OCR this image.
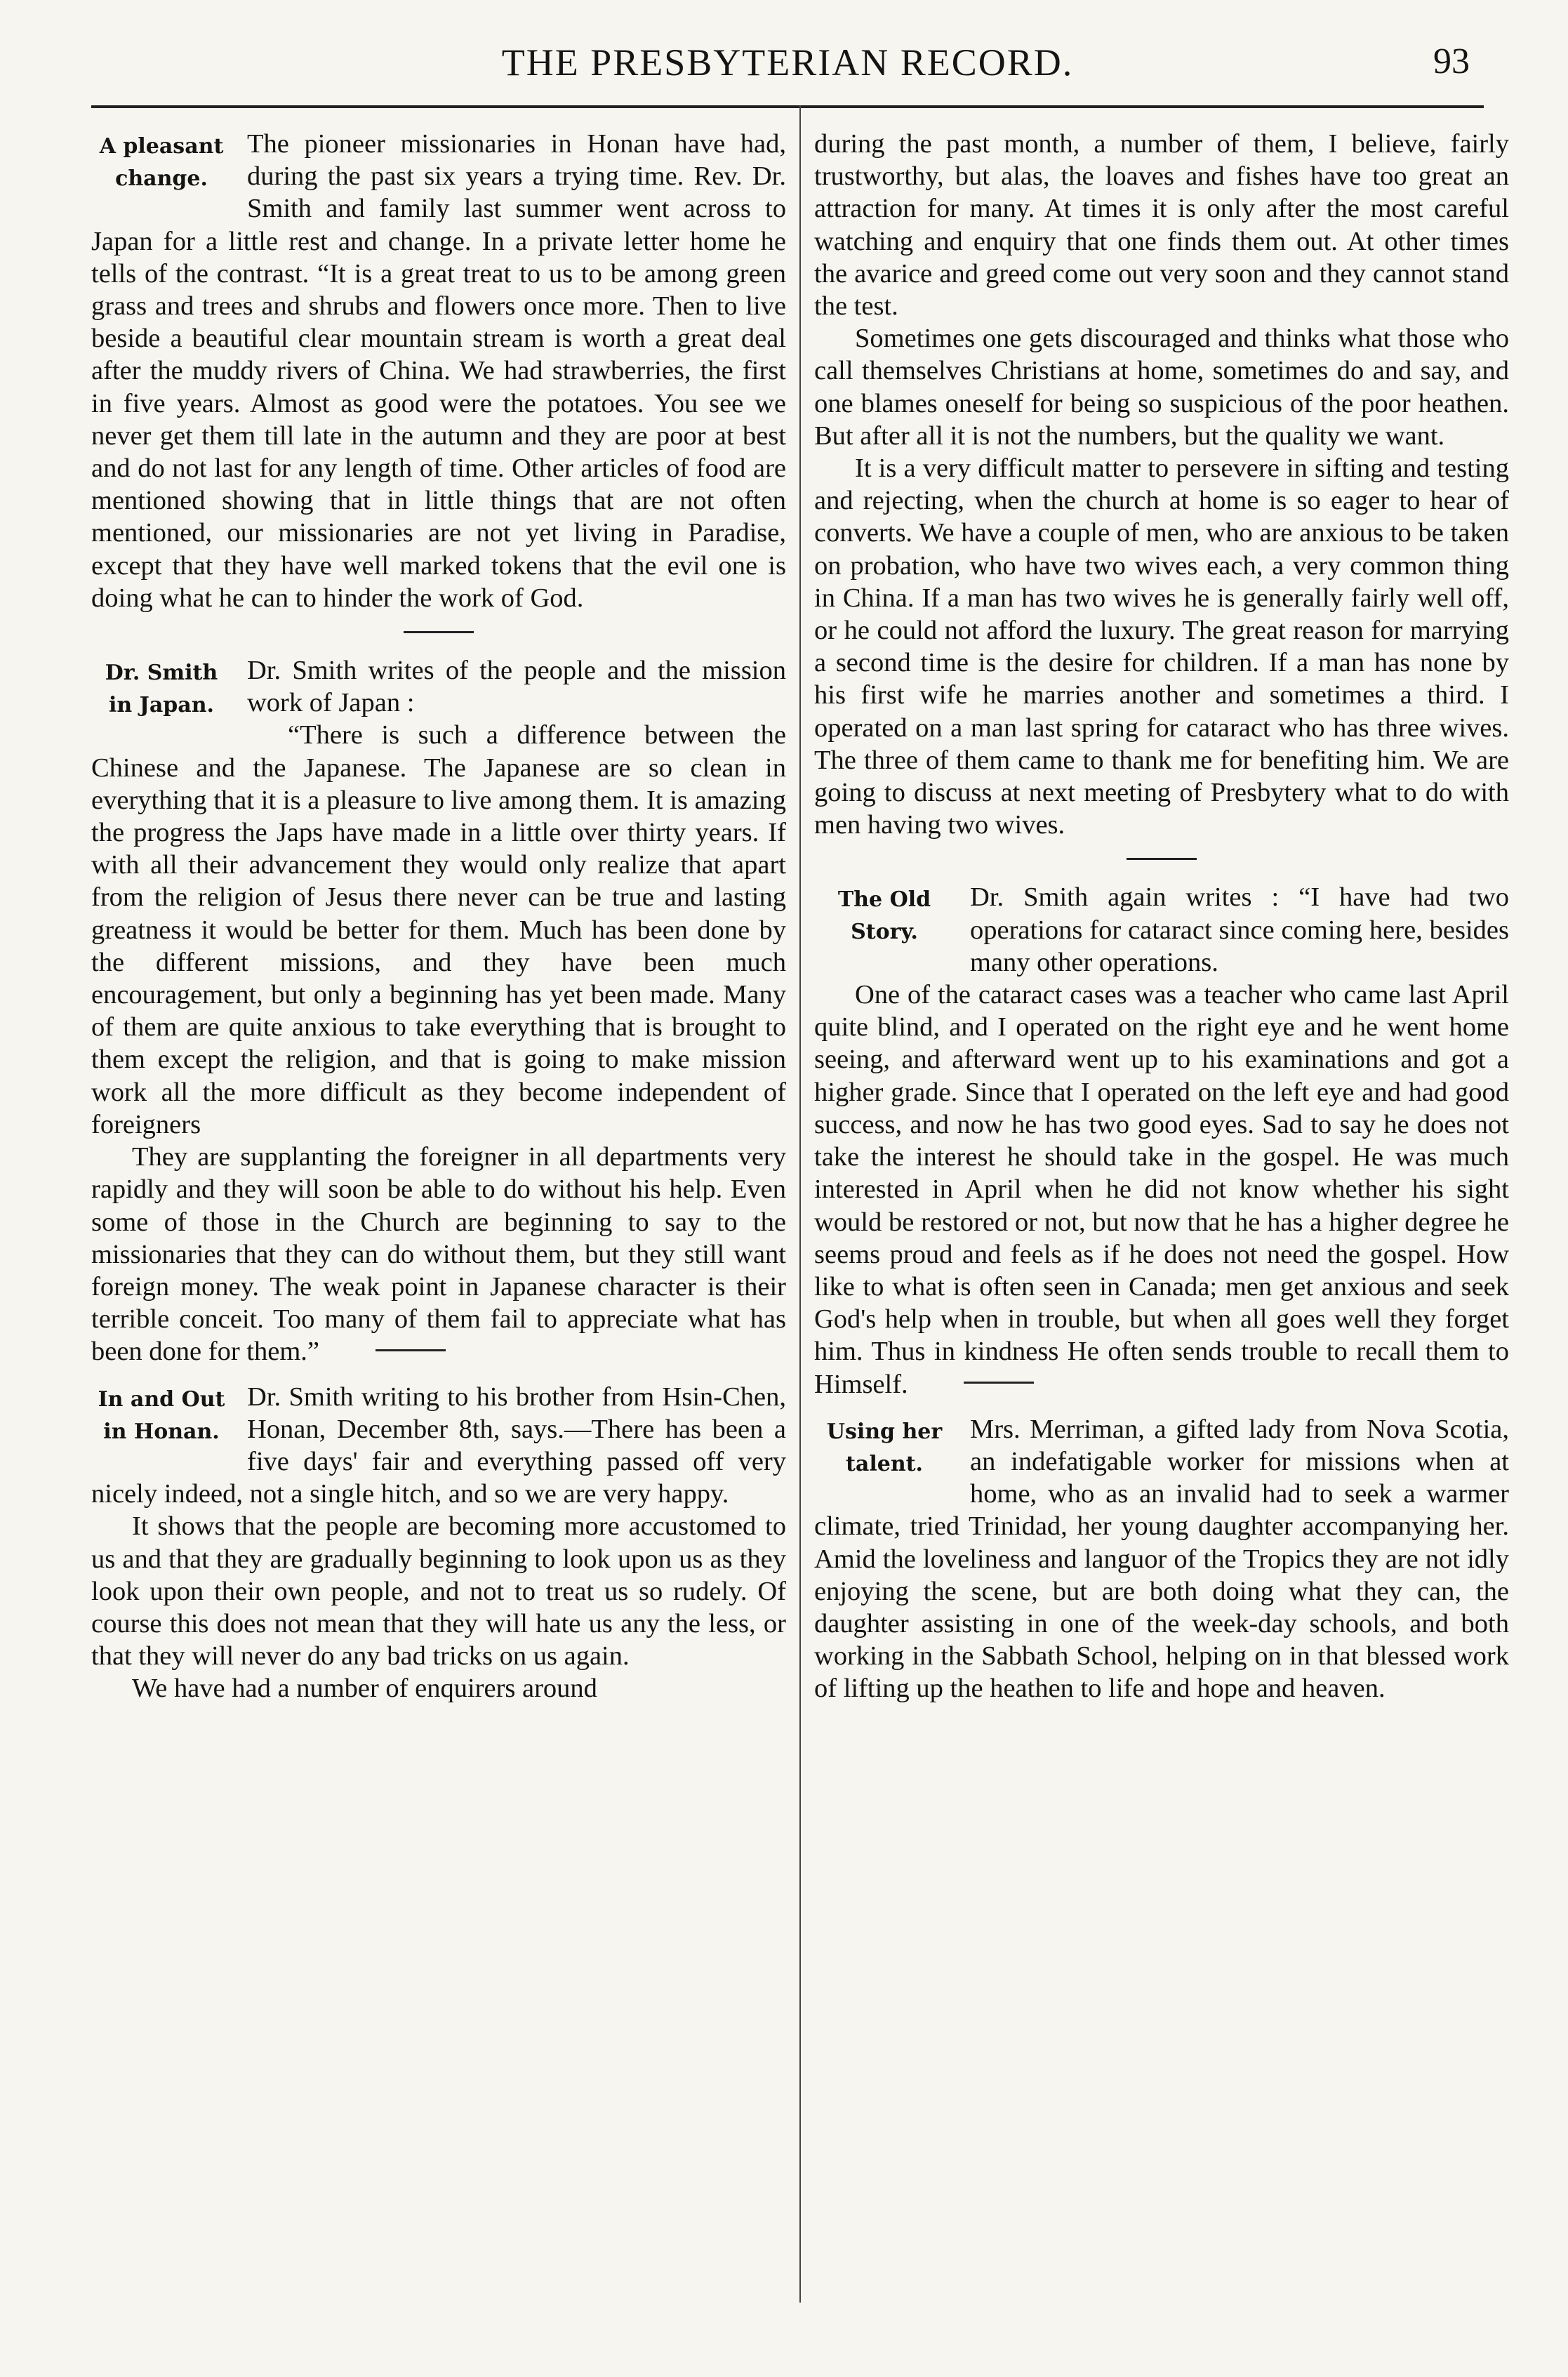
THE PRESBYTERIAN RECORD.	93

A pleasant
change.
The pioneer missionaries in Honan have had, during the past six years a trying time. Rev. Dr. Smith and family last summer went across to Japan for a little rest and change. In a private letter home he tells of the contrast. “It is a great treat to us to be among green grass and trees and shrubs and flowers once more. Then to live beside a beautiful clear mountain stream is worth a great deal after the muddy rivers of China. We had strawberries, the first in five years. Almost as good were the potatoes. You see we never get them till late in the autumn and they are poor at best and do not last for any length of time. Other articles of food are mentioned showing that in little things that are not often mentioned, our missionaries are not yet living in Paradise, except that they have well marked tokens that the evil one is doing what he can to hinder the work of God.

Dr. Smith
in Japan.
Dr. Smith writes of the people and the mission work of Japan :

“There is such a difference between the Chinese and the Japanese. The Japanese are so clean in everything that it is a pleasure to live among them. It is amazing the progress the Japs have made in a little over thirty years. If with all their advancement they would only realize that apart from the religion of Jesus there never can be true and lasting greatness it would be better for them. Much has been done by the different missions, and they have been much encouragement, but only a beginning has yet been made. Many of them are quite anxious to take everything that is brought to them except the religion, and that is going to make mission work all the more difficult as they become independent of foreigners

They are supplanting the foreigner in all departments very rapidly and they will soon be able to do without his help. Even some of those in the Church are beginning to say to the missionaries that they can do without them, but they still want foreign money. The weak point in Japanese character is their terrible conceit. Too many of them fail to appreciate what has been done for them.”

In and Out
in Honan.
Dr. Smith writing to his brother from Hsin-Chen, Honan, December 8th, says.—There has been a five days' fair and everything passed off very nicely indeed, not a single hitch, and so we are very happy.

It shows that the people are becoming more accustomed to us and that they are gradually beginning to look upon us as they look upon their own people, and not to treat us so rudely. Of course this does not mean that they will hate us any the less, or that they will never do any bad tricks on us again.

We have had a number of enquirers around

during the past month, a number of them, I believe, fairly trustworthy, but alas, the loaves and fishes have too great an attraction for many. At times it is only after the most careful watching and enquiry that one finds them out. At other times the avarice and greed come out very soon and they cannot stand the test.

Sometimes one gets discouraged and thinks what those who call themselves Christians at home, sometimes do and say, and one blames oneself for being so suspicious of the poor heathen. But after all it is not the numbers, but the quality we want.

It is a very difficult matter to persevere in sifting and testing and rejecting, when the church at home is so eager to hear of converts. We have a couple of men, who are anxious to be taken on probation, who have two wives each, a very common thing in China. If a man has two wives he is generally fairly well off, or he could not afford the luxury. The great reason for marrying a second time is the desire for children. If a man has none by his first wife he marries another and sometimes a third. I operated on a man last spring for cataract who has three wives. The three of them came to thank me for benefiting him. We are going to discuss at next meeting of Presbytery what to do with men having two wives.

The Old
Story.
Dr. Smith again writes : “I have had two operations for cataract since coming here, besides many other operations.

One of the cataract cases was a teacher who came last April quite blind, and I operated on the right eye and he went home seeing, and afterward went up to his examinations and got a higher grade. Since that I operated on the left eye and had good success, and now he has two good eyes. Sad to say he does not take the interest he should take in the gospel. He was much interested in April when he did not know whether his sight would be restored or not, but now that he has a higher degree he seems proud and feels as if he does not need the gospel. How like to what is often seen in Canada; men get anxious and seek God's help when in trouble, but when all goes well they forget him. Thus in kindness He often sends trouble to recall them to Himself.

Using her
talent.
Mrs. Merriman, a gifted lady from Nova Scotia, an indefatigable worker for missions when at home, who as an invalid had to seek a warmer climate, tried Trinidad, her young daughter accompanying her. Amid the loveliness and languor of the Tropics they are not idly enjoying the scene, but are both doing what they can, the daughter assisting in one of the week-day schools, and both working in the Sabbath School, helping on in that blessed work of lifting up the heathen to life and hope and heaven.
